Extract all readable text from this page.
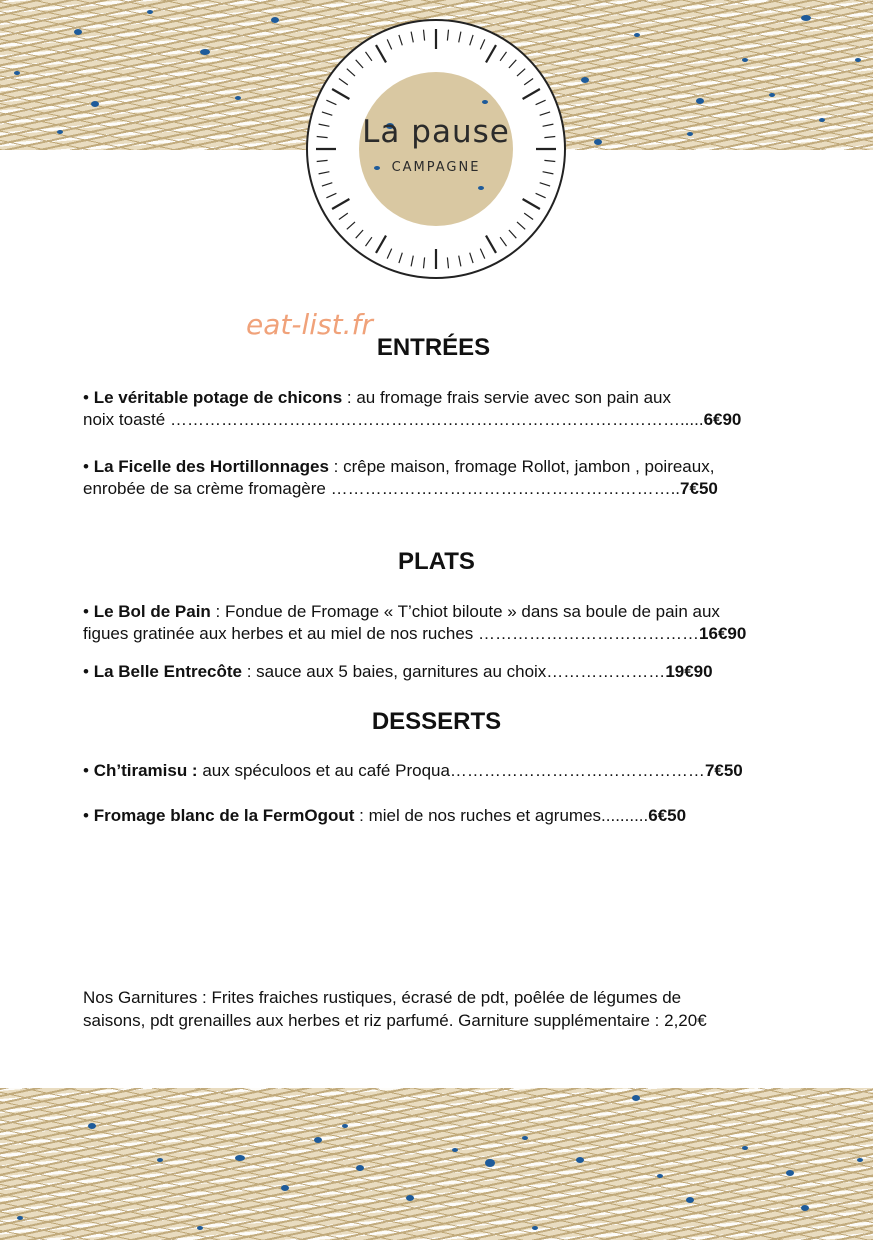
La pause
CAMPAGNE
eat-list.fr
ENTRÉES
• Le véritable potage de chicons : au fromage frais servie avec son pain aux
noix toasté ……………………………………………………………………………….....6€90
• La Ficelle des Hortillonnages : crêpe maison, fromage Rollot, jambon , poireaux,
enrobée de sa crème fromagère ……………………………………………………..7€50
PLATS
• Le Bol de Pain : Fondue de Fromage « T’chiot biloute » dans sa boule de pain aux
figues gratinée aux herbes et au miel de nos ruches …………………………………16€90
• La Belle Entrecôte : sauce aux 5 baies, garnitures au choix…………………19€90
DESSERTS
• Ch’tiramisu : aux spéculoos et au café Proqua………………………………………7€50
• Fromage blanc de la FermOgout : miel de nos ruches et agrumes..........6€50
Nos Garnitures : Frites fraiches rustiques, écrasé de pdt, poêlée de légumes de
saisons, pdt grenailles aux herbes et riz parfumé. Garniture supplémentaire : 2,20€
